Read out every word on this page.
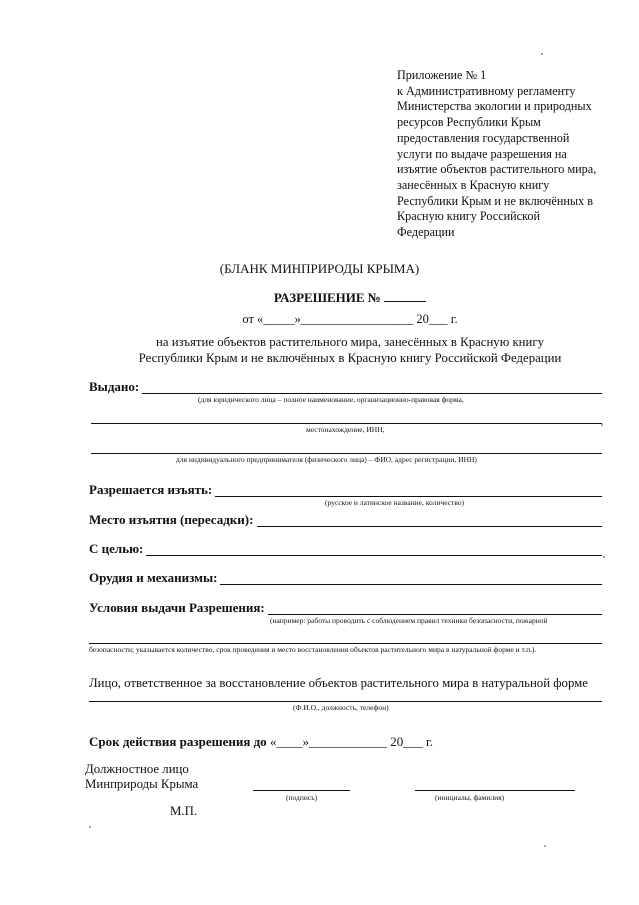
Приложение № 1
к Административному регламенту
Министерства экологии и природных
ресурсов Республики Крым
предоставления государственной
услуги по выдаче разрешения на
изъятие объектов растительного мира,
занесённых в Красную книгу
Республики Крым и не включённых в
Красную книгу Российской
Федерации
(БЛАНК МИНПРИРОДЫ КРЫМА)
РАЗРЕШЕНИЕ №
от «_____»__________________ 20___ г.
на изъятие объектов растительного мира, занесённых в Красную книгу
Республики Крым и не включённых в Красную книгу Российской Федерации
Выдано:
(для юридического лица – полное наименование, организационно-правовая форма,
местонахождение, ИНН,
для индивидуального предпринимателя (физического лица) – ФИО, адрес регистрации, ИНН)
Разрешается изъять:
(русское и латинское название, количество)
Место изъятия (пересадки):
С целью:
Орудия и механизмы:
Условия выдачи Разрешения:
(например: работы проводить с соблюдением правил техники безопасности, пожарной
безопасности; указывается количество, срок проведения и место восстановления объектов растительного мира в натуральной форме и т.п.).
Лицо, ответственное за восстановление объектов растительного мира в натуральной форме
(Ф.И.О., должность, телефон)
Срок действия разрешения до «____»____________ 20___ г.
Должностное лицо
Минприроды Крыма
(подпись)	(инициалы, фамилия)
М.П.
